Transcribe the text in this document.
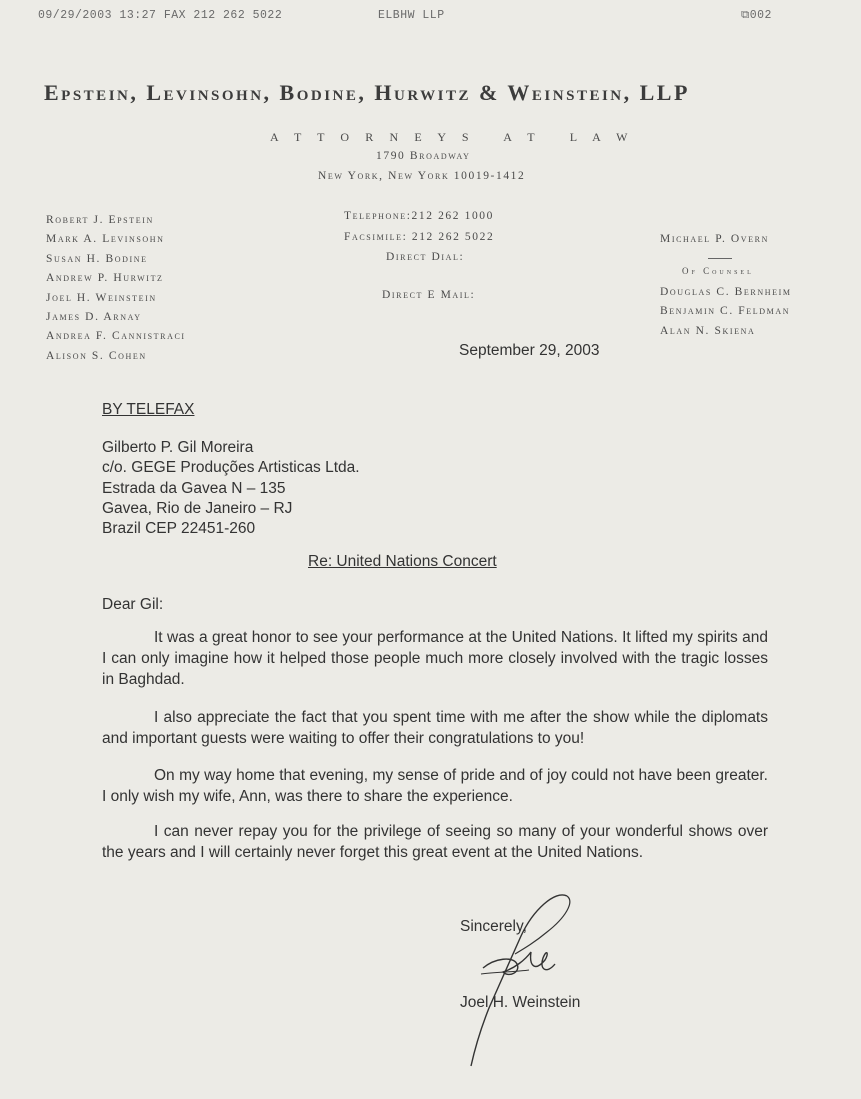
09/29/2003 13:27 FAX 212 262 5022	ELBHW LLP	⧉002
Epstein, Levinsohn, Bodine, Hurwitz & Weinstein, LLP
A T T O R N E Y S   A T   L A W
1790 Broadway
New York, New York 10019-1412
Robert J. Epstein
Mark A. Levinsohn
Susan H. Bodine
Andrew P. Hurwitz
Joel H. Weinstein
James D. Arnay
Andrea F. Cannistraci
Alison S. Cohen
Telephone:212 262 1000
Facsimile: 212 262 5022
Direct Dial:
Direct E Mail:
Michael P. Overn
Of Counsel
Douglas C. Bernheim
Benjamin C. Feldman
Alan N. Skiena
September 29, 2003
BY TELEFAX
Gilberto P. Gil Moreira
c/o. GEGE Produções Artisticas Ltda.
Estrada da Gavea N – 135
Gavea, Rio de Janeiro – RJ
Brazil CEP 22451-260
Re: United Nations Concert
Dear Gil:
It was a great honor to see your performance at the United Nations. It lifted my spirits and I can only imagine how it helped those people much more closely involved with the tragic losses in Baghdad.
I also appreciate the fact that you spent time with me after the show while the diplomats and important guests were waiting to offer their congratulations to you!
On my way home that evening, my sense of pride and of joy could not have been greater. I only wish my wife, Ann, was there to share the experience.
I can never repay you for the privilege of seeing so many of your wonderful shows over the years and I will certainly never forget this great event at the United Nations.
Sincerely,
Joel H. Weinstein
